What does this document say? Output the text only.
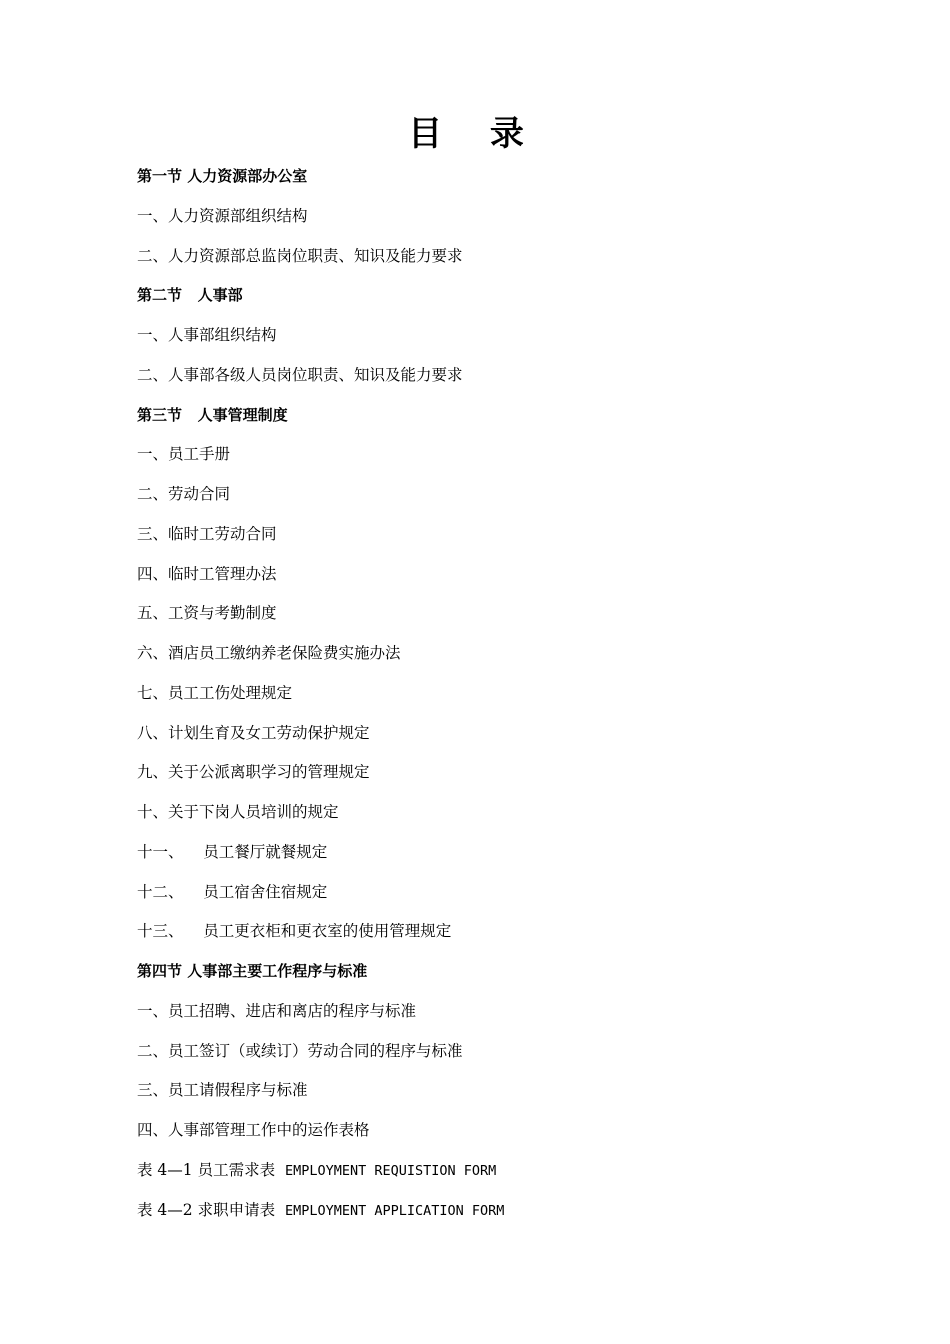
目 录
第一节 人力资源部办公室
一、人力资源部组织结构
二、人力资源部总监岗位职责、知识及能力要求
第二节   人事部
一、人事部组织结构
二、人事部各级人员岗位职责、知识及能力要求
第三节   人事管理制度
一、员工手册
二、劳动合同
三、临时工劳动合同
四、临时工管理办法
五、工资与考勤制度
六、酒店员工缴纳养老保险费实施办法
七、员工工伤处理规定
八、计划生育及女工劳动保护规定
九、关于公派离职学习的管理规定
十、关于下岗人员培训的规定
十一、    员工餐厅就餐规定
十二、    员工宿舍住宿规定
十三、    员工更衣柜和更衣室的使用管理规定
第四节 人事部主要工作程序与标准
一、员工招聘、进店和离店的程序与标准
二、员工签订（或续订）劳动合同的程序与标准
三、员工请假程序与标准
四、人事部管理工作中的运作表格
表 4—1 员工需求表  EMPLOYMENT REQUISTION FORM
表 4—2 求职申请表  EMPLOYMENT APPLICATION FORM
